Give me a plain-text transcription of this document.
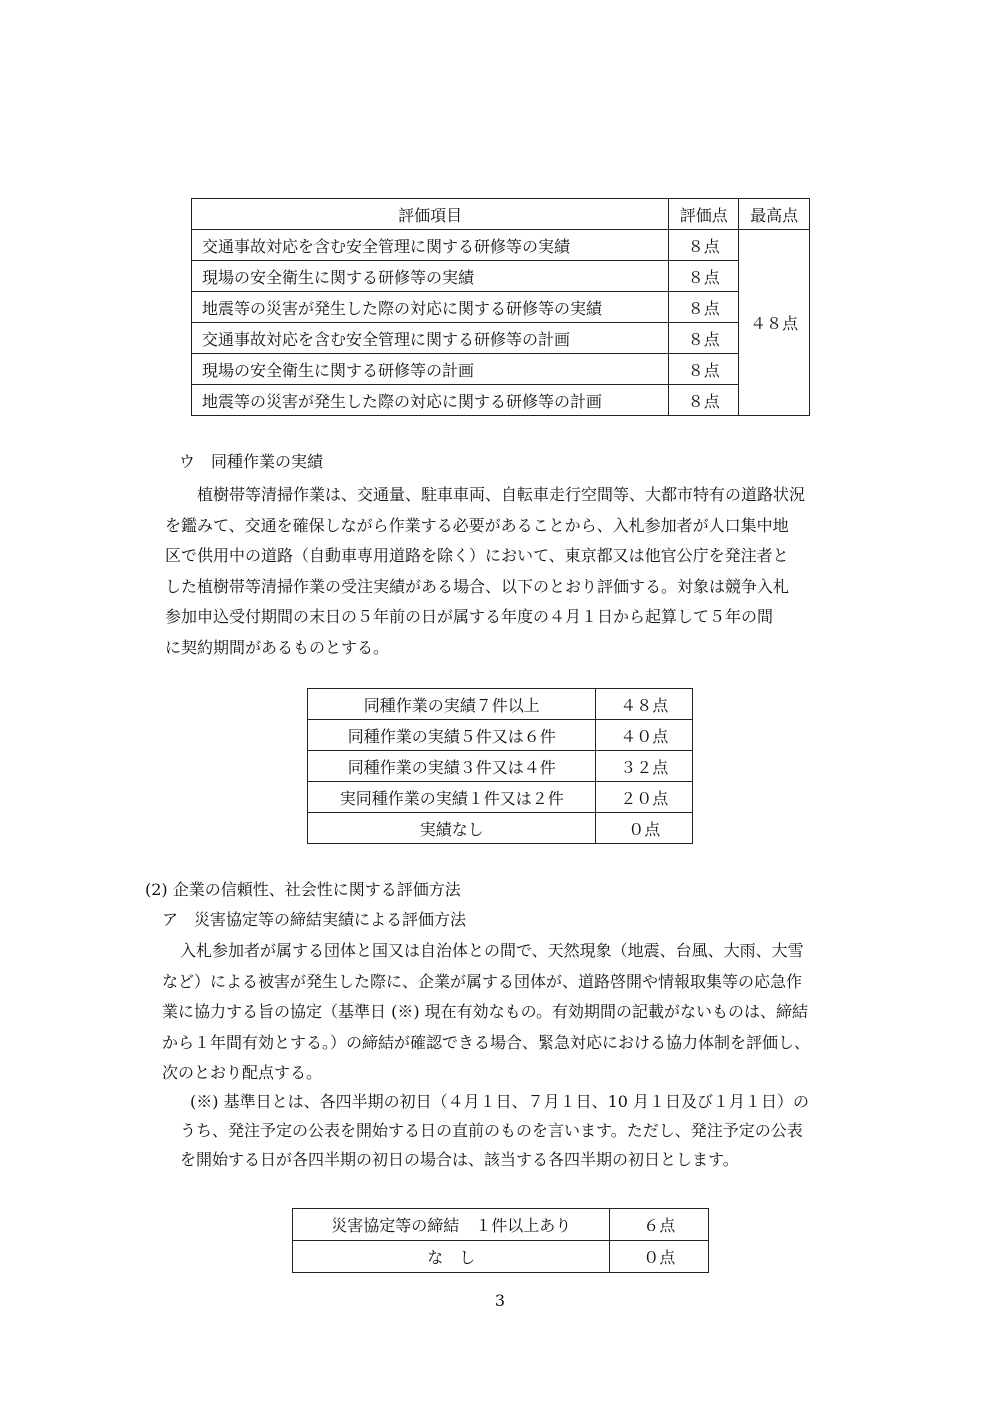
評価項目	評価点	最高点
交通事故対応を含む安全管理に関する研修等の実績	８点	４８点
現場の安全衛生に関する研修等の実績	８点	
地震等の災害が発生した際の対応に関する研修等の実績	８点	
交通事故対応を含む安全管理に関する研修等の計画	８点	
現場の安全衛生に関する研修等の計画	８点	
地震等の災害が発生した際の対応に関する研修等の計画	８点	
ウ　同種作業の実績
植樹帯等清掃作業は、交通量、駐車車両、自転車走行空間等、大都市特有の道路状況
を鑑みて、交通を確保しながら作業する必要があることから、入札参加者が人口集中地
区で供用中の道路（自動車専用道路を除く）において、東京都又は他官公庁を発注者と
した植樹帯等清掃作業の受注実績がある場合、以下のとおり評価する。対象は競争入札
参加申込受付期間の末日の５年前の日が属する年度の４月１日から起算して５年の間
に契約期間があるものとする。
同種作業の実績７件以上	４８点
同種作業の実績５件又は６件	４０点
同種作業の実績３件又は４件	３２点
実同種作業の実績１件又は２件	２０点
実績なし	０点
(2) 企業の信頼性、社会性に関する評価方法
ア　災害協定等の締結実績による評価方法
入札参加者が属する団体と国又は自治体との間で、天然現象（地震、台風、大雨、大雪
など）による被害が発生した際に、企業が属する団体が、道路啓開や情報取集等の応急作
業に協力する旨の協定（基準日 (※) 現在有効なもの。有効期間の記載がないものは、締結
から１年間有効とする。）の締結が確認できる場合、緊急対応における協力体制を評価し、
次のとおり配点する。
(※) 基準日とは、各四半期の初日（４月１日、７月１日、10 月１日及び１月１日）の
うち、発注予定の公表を開始する日の直前のものを言います。ただし、発注予定の公表
を開始する日が各四半期の初日の場合は、該当する各四半期の初日とします。
災害協定等の締結　１件以上あり	６点
な　し	０点
3
